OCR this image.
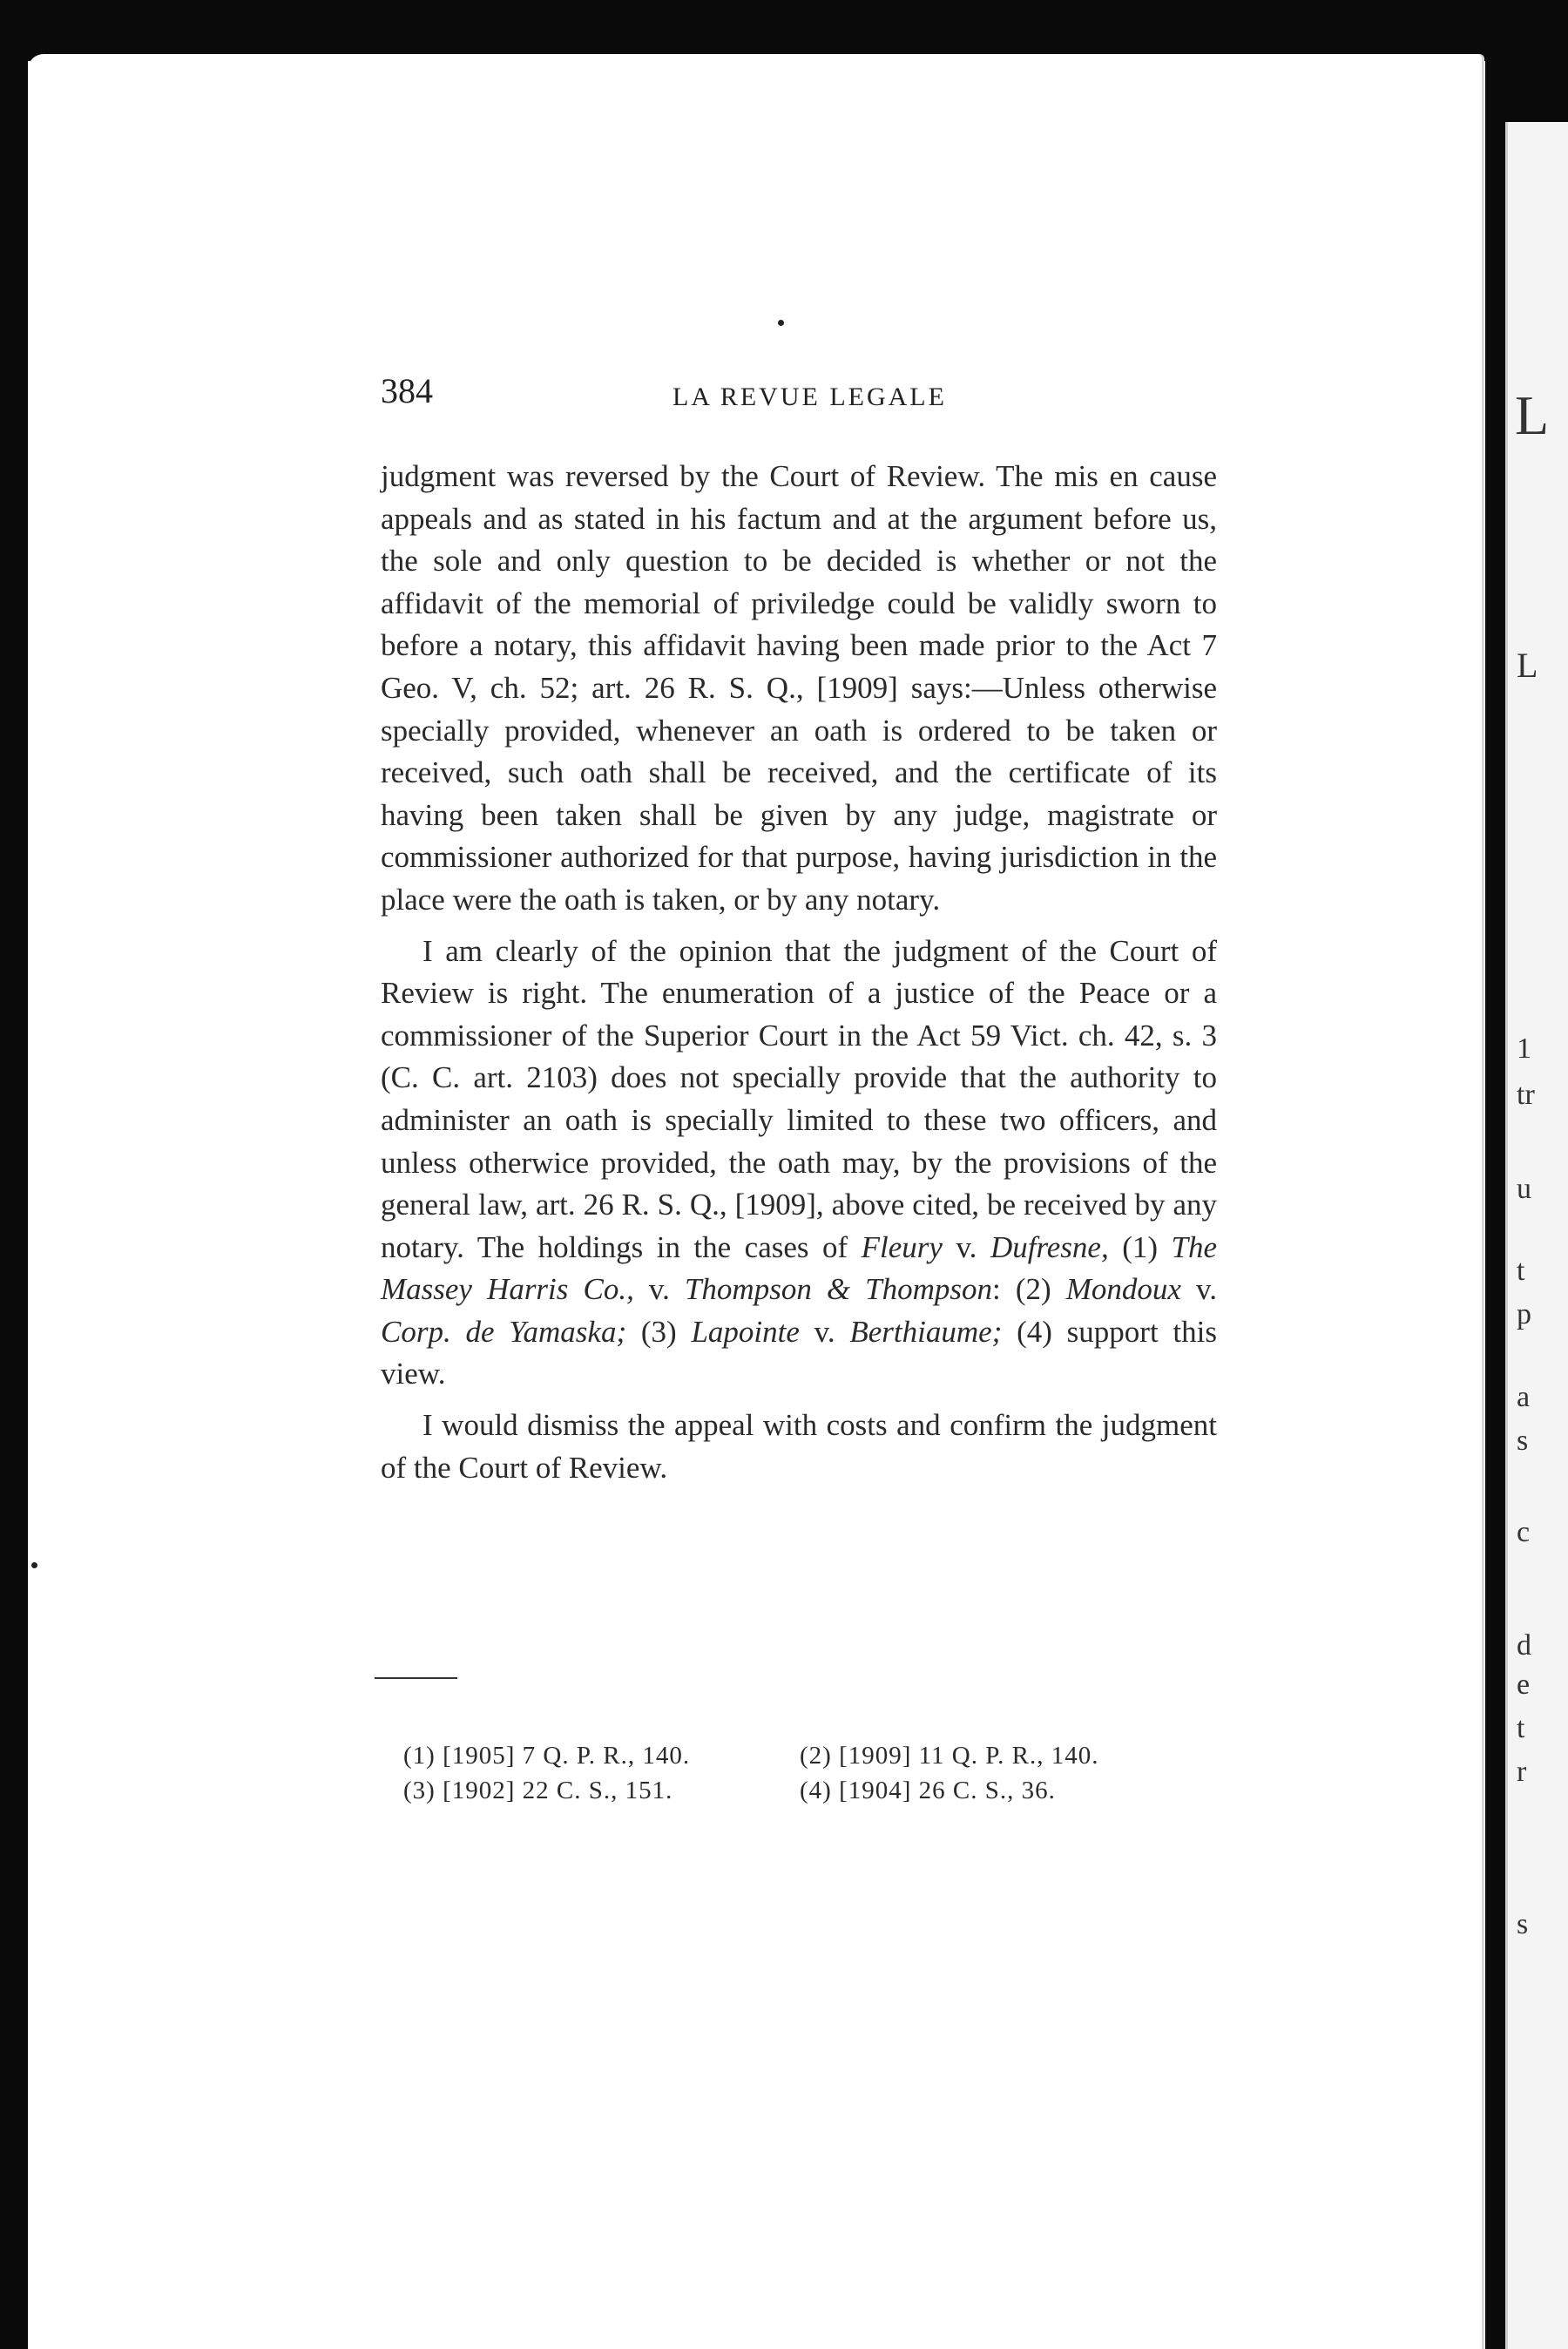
L
L
1
tr
u
t
p
a
s
c
d
e
t
r
s
384	LA REVUE LEGALE

judgment was reversed by the Court of Review. The mis en cause appeals and as stated in his factum and at the argument before us, the sole and only question to be decided is whether or not the affidavit of the memorial of priviledge could be validly sworn to before a notary, this affidavit having been made prior to the Act 7 Geo. V, ch. 52; art. 26 R. S. Q., [1909] says:—Unless otherwise specially provided, whenever an oath is ordered to be taken or received, such oath shall be received, and the certificate of its having been taken shall be given by any judge, magistrate or commissioner authorized for that purpose, having jurisdiction in the place were the oath is taken, or by any notary.

I am clearly of the opinion that the judgment of the Court of Review is right. The enumeration of a justice of the Peace or a commissioner of the Superior Court in the Act 59 Vict. ch. 42, s. 3 (C. C. art. 2103) does not specially provide that the authority to administer an oath is specially limited to these two officers, and unless otherwice provided, the oath may, by the provisions of the general law, art. 26 R. S. Q., [1909], above cited, be received by any notary. The holdings in the cases of Fleury v. Dufresne, (1) The Massey Harris Co., v. Thompson & Thompson: (2) Mondoux v. Corp. de Yamaska; (3) Lapointe v. Berthiaume; (4) support this view.

I would dismiss the appeal with costs and confirm the judgment of the Court of Review.

(1) [1905] 7 Q. P. R., 140.	(2) [1909] 11 Q. P. R., 140.
(3) [1902] 22 C. S., 151.	(4) [1904] 26 C. S., 36.
